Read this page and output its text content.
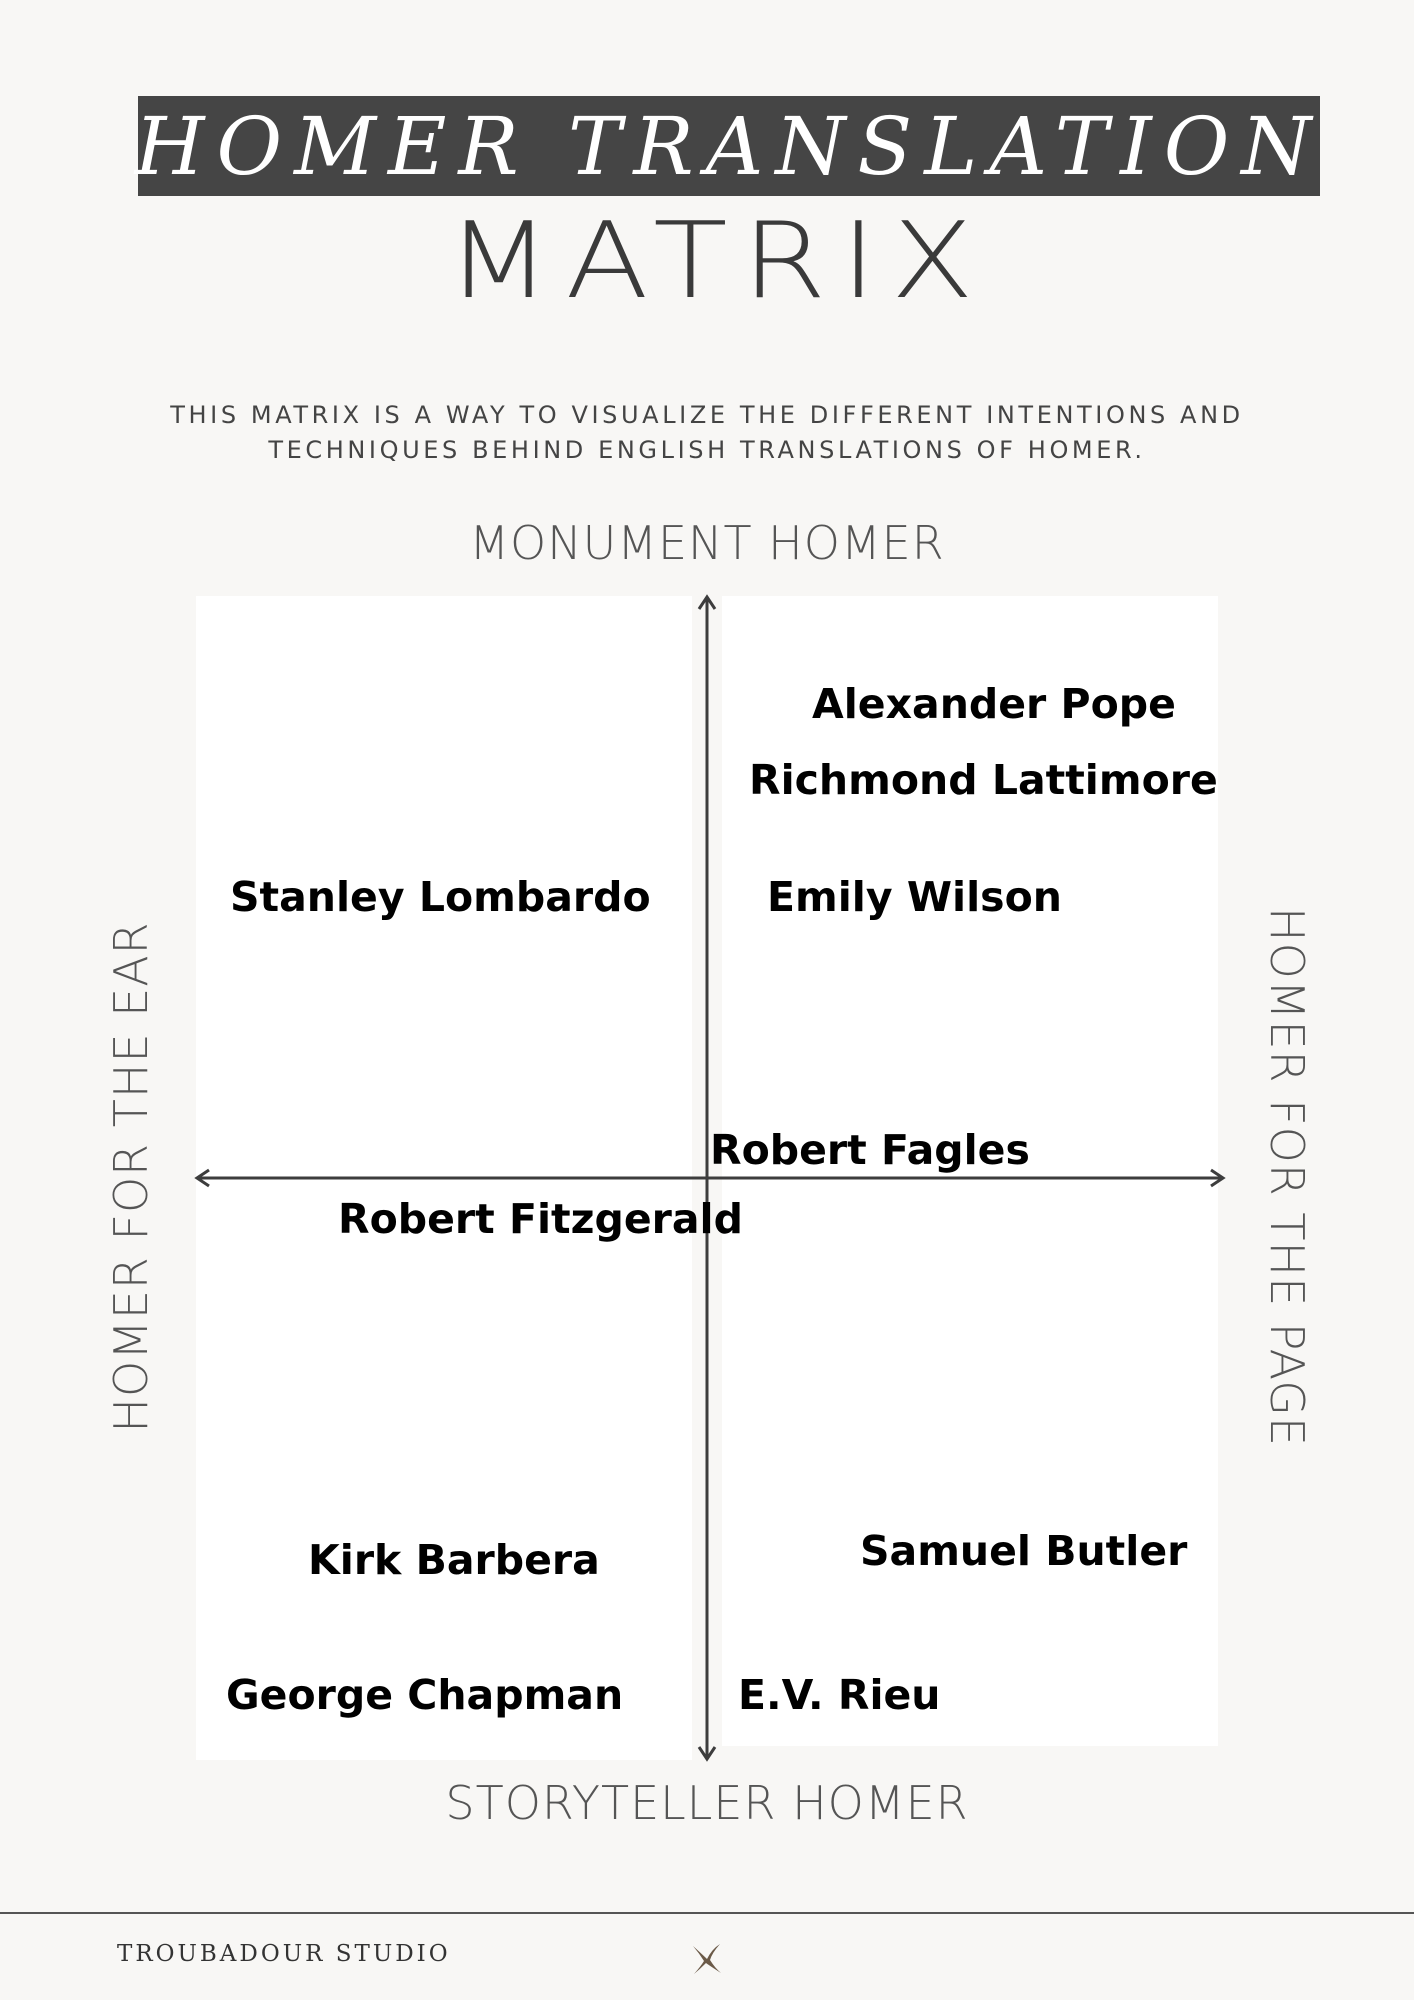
HOMER TRANSLATION
MATRIX
THIS MATRIX IS A WAY TO VISUALIZE THE DIFFERENT INTENTIONS AND TECHNIQUES BEHIND ENGLISH TRANSLATIONS OF HOMER.
MONUMENT HOMER
STORYTELLER HOMER
HOMER FOR THE EAR	HOMER FOR THE PAGE
Alexander Pope
Richmond Lattimore
Stanley Lombardo	Emily Wilson
Robert Fagles
Robert Fitzgerald
Kirk Barbera	Samuel Butler
George Chapman	E.V. Rieu
TROUBADOUR STUDIO
